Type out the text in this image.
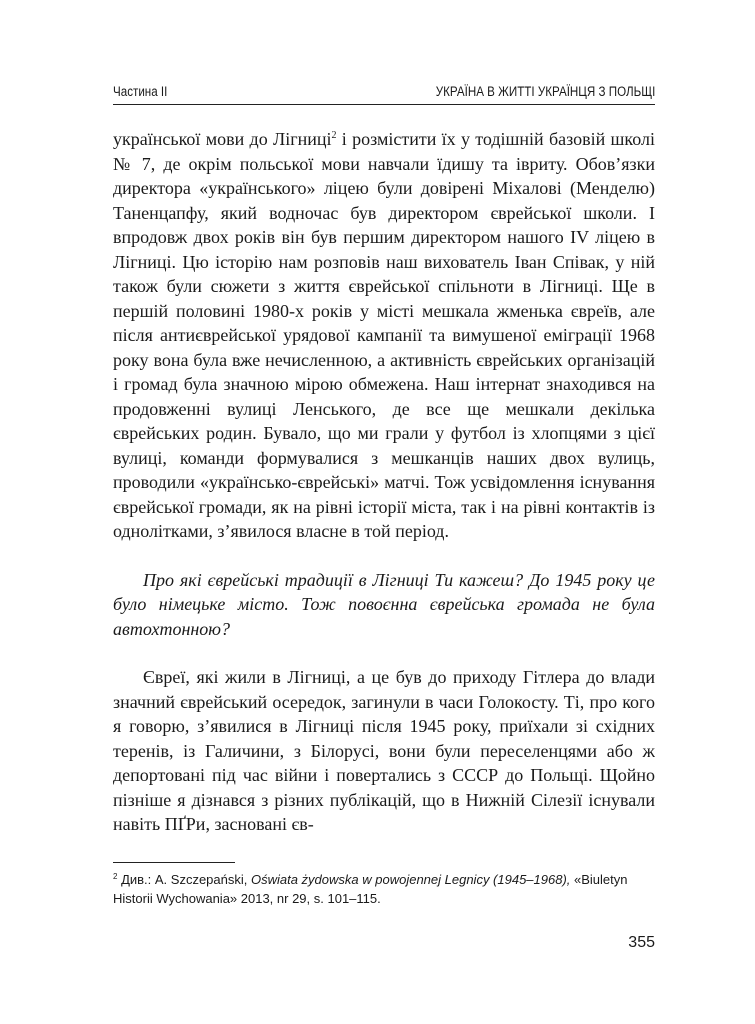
Частина II	УКРАЇНА В ЖИТТІ УКРАЇНЦЯ З ПОЛЬЩІ

української мови до Лігниці$^2$ і розмістити їх у тодішній базовій школі № 7, де окрім польської мови навчали їдишу та івриту. Обов’язки директора «українського» ліцею були довірені Міхалові (Менделю) Таненцапфу, який водночас був директором єврейської школи. І впродовж двох років він був першим директором нашого IV ліцею в Лігниці. Цю історію нам розповів наш вихователь Іван Співак, у ній також були сюжети з життя єврейської спільноти в Лігниці. Ще в першій половині 1980-х років у місті мешкала жменька євреїв, але після антиєврейської урядової кампанії та вимушеної еміграції 1968 року вона була вже нечисленною, а активність єврейських організацій і громад була значною мірою обмежена. Наш інтернат знаходився на продовженні вулиці Ленського, де все ще мешкали декілька єврейських родин. Бувало, що ми грали у футбол із хлопцями з цієї вулиці, команди формувалися з мешканців наших двох вулиць, проводили «українсько-єврейські» матчі. Тож усвідомлення існування єврейської громади, як на рівні історії міста, так і на рівні контактів із однолітками, з’явилося власне в той період.

Про які єврейські традиції в Лігниці Ти кажеш? До 1945 року це було німецьке місто. Тож повоєнна єврейська громада не була автохтонною?

Євреї, які жили в Лігниці, а це був до приходу Гітлера до влади значний єврейський осередок, загинули в часи Голокосту. Ті, про кого я говорю, з’явилися в Лігниці після 1945 року, приїхали зі східних теренів, із Галичини, з Білорусі, вони були переселенцями або ж депортовані під час війни і повертались з СССР до Польщі. Щойно пізніше я дізнався з різних публікацій, що в Нижній Сілезії існували навіть ПҐРи, засновані єв-

$^2$ Див.: A. Szczepański, Oświata żydowska w powojennej Legnicy (1945–1968), «Biuletyn Historii Wychowania» 2013, nr 29, s. 101–115.
355
